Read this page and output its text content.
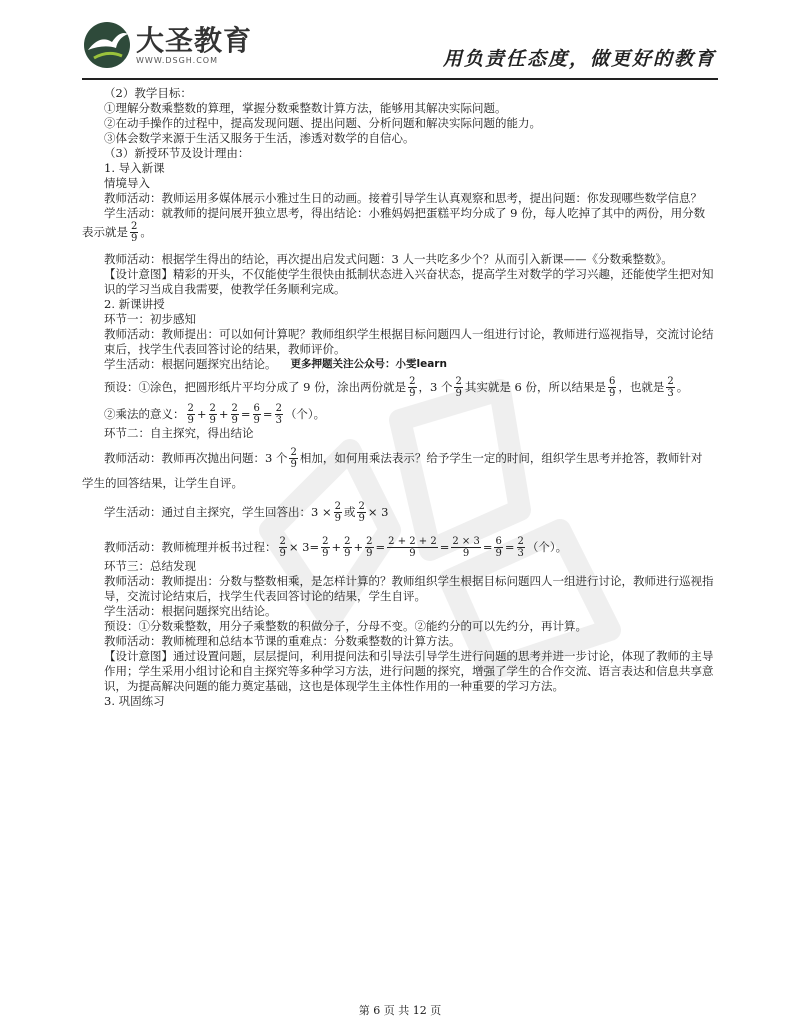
大圣教育
WWW.DSGH.COM	用负责任态度，做更好的教育

（2）教学目标：

①理解分数乘整数的算理，掌握分数乘整数计算方法，能够用其解决实际问题。

②在动手操作的过程中，提高发现问题、提出问题、分析问题和解决实际问题的能力。

③体会数学来源于生活又服务于生活，渗透对数学的自信心。

（3）新授环节及设计理由：

1. 导入新课

情境导入

教师活动：教师运用多媒体展示小雅过生日的动画。接着引导学生认真观察和思考，提出问题：你发现哪些数学信息？

学生活动：就教师的提问展开独立思考，得出结论：小雅妈妈把蛋糕平均分成了 9 份，每人吃掉了其中的两份，用分数

表示就是 $\frac{2}{9}$ 。

教师活动：根据学生得出的结论，再次提出启发式问题：3 人一共吃多少个？从而引入新课——《分数乘整数》。

【设计意图】精彩的开头，不仅能使学生很快由抵制状态进入兴奋状态，提高学生对数学的学习兴趣，还能使学生把对知识的学习当成自我需要，使教学任务顺利完成。

2. 新课讲授

环节一：初步感知

教师活动：教师提出：可以如何计算呢？教师组织学生根据目标问题四人一组进行讨论，教师进行巡视指导，交流讨论结束后，找学生代表回答讨论的结果，教师评价。

学生活动：根据问题探究出结论。 更多押题关注公众号：小雯learn
预设：①涂色，把圆形纸片平均分成了 9 份，涂出两份就是 $\frac{2}{9}$ ，3 个 $\frac{2}{9}$ 其实就是 6 份，所以结果是 $\frac{6}{9}$ ，也就是 $\frac{2}{3}$ 。
②乘法的意义： $\frac{2}{9} + \frac{2}{9} + \frac{2}{9} = \frac{6}{9} = \frac{2}{3}$ （个）。

环节二：自主探究，得出结论

教师活动：教师再次抛出问题：3 个 $\frac{2}{9}$ 相加，如何用乘法表示？给予学生一定的时间，组织学生思考并抢答，教师针对

学生的回答结果，让学生自评。

学生活动：通过自主探究，学生回答出： $3 \times \frac{2}{9}$ 或 $\frac{2}{9} \times 3$
教师活动：教师梳理并板书过程： $\frac{2}{9} \times 3 = \frac{2}{9} + \frac{2}{9} + \frac{2}{9} = \frac{2 + 2 + 2}{9} = \frac{2 \times 3}{9} = \frac{6}{9} = \frac{2}{3}$ （个）。

环节三：总结发现

教师活动：教师提出：分数与整数相乘，是怎样计算的？教师组织学生根据目标问题四人一组进行讨论，教师进行巡视指导，交流讨论结束后，找学生代表回答讨论的结果，学生自评。

学生活动：根据问题探究出结论。

预设：①分数乘整数，用分子乘整数的积做分子，分母不变。②能约分的可以先约分，再计算。

教师活动：教师梳理和总结本节课的重难点：分数乘整数的计算方法。

【设计意图】通过设置问题，层层提问，利用提问法和引导法引导学生进行问题的思考并进一步讨论，体现了教师的主导作用；学生采用小组讨论和自主探究等多种学习方法，进行问题的探究，增强了学生的合作交流、语言表达和信息共享意识，为提高解决问题的能力奠定基础，这也是体现学生主体性作用的一种重要的学习方法。

3. 巩固练习

第 6 页 共 12 页
